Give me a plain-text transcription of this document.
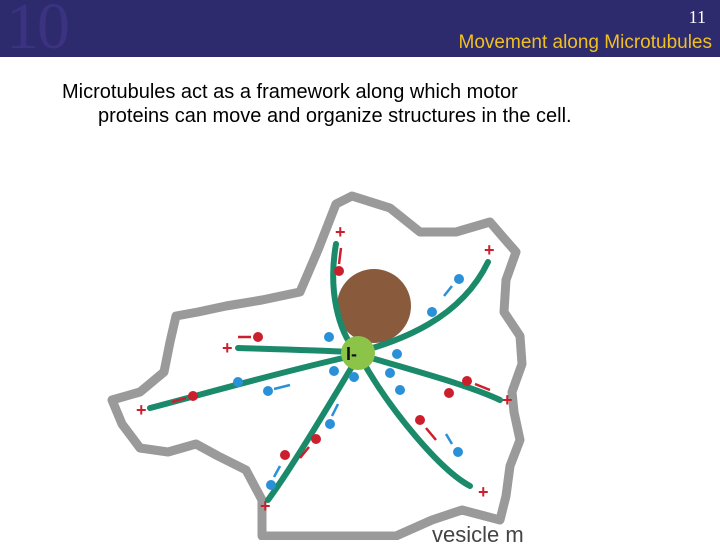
10	11
Movement along Microtubules
Microtubules act as a framework along which motor
proteins can move and organize structures in the cell.
+
+
+
+	+
+
+
I-
vesicle m
